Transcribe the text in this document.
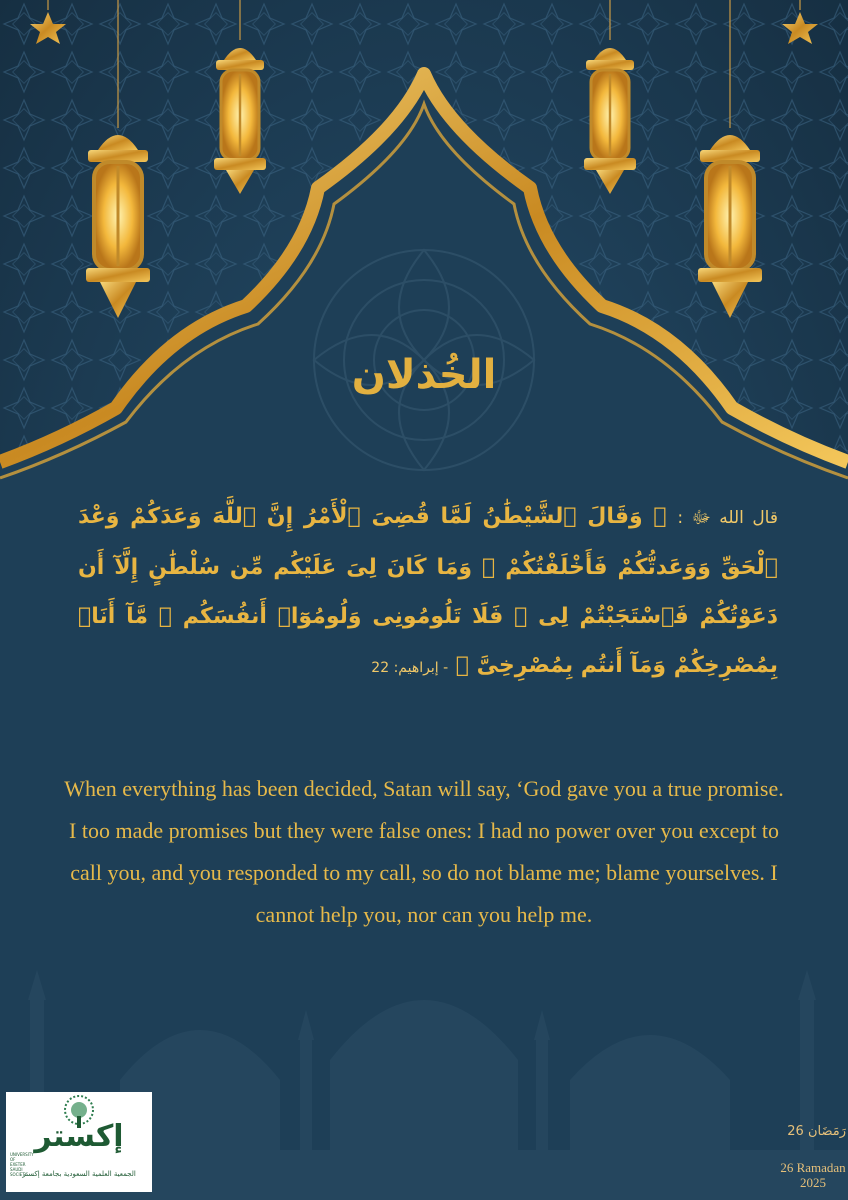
الخُذلان
قال الله ﷻ : ﴿ وَقَالَ ٱلشَّيْطَٰنُ لَمَّا قُضِىَ ٱلْأَمْرُ إِنَّ ٱللَّهَ وَعَدَكُمْ وَعْدَ ٱلْحَقِّ وَوَعَدتُّكُمْ فَأَخْلَفْتُكُمْ ۖ وَمَا كَانَ لِىَ عَلَيْكُم مِّن سُلْطَٰنٍ إِلَّآ أَن دَعَوْتُكُمْ فَٱسْتَجَبْتُمْ لِى ۖ فَلَا تَلُومُونِى وَلُومُوٓا۟ أَنفُسَكُم ۖ مَّآ أَنَا۠ بِمُصْرِخِكُمْ وَمَآ أَنتُم بِمُصْرِخِىَّ ﴾ - إبراهيم: 22
When everything has been decided, Satan will say, ‘God gave you a true promise. I too made promises but they were false ones: I had no power over you except to call you, and you responded to my call, so do not blame me; blame yourselves. I cannot help you, nor can you help me.
إكستر
الجمعية العلمية السعودية بجامعة إكستر
UNIVERSITY OF EXETER SAUDI SOCIETY
26 رَمَضَان
26 Ramadan
2025
